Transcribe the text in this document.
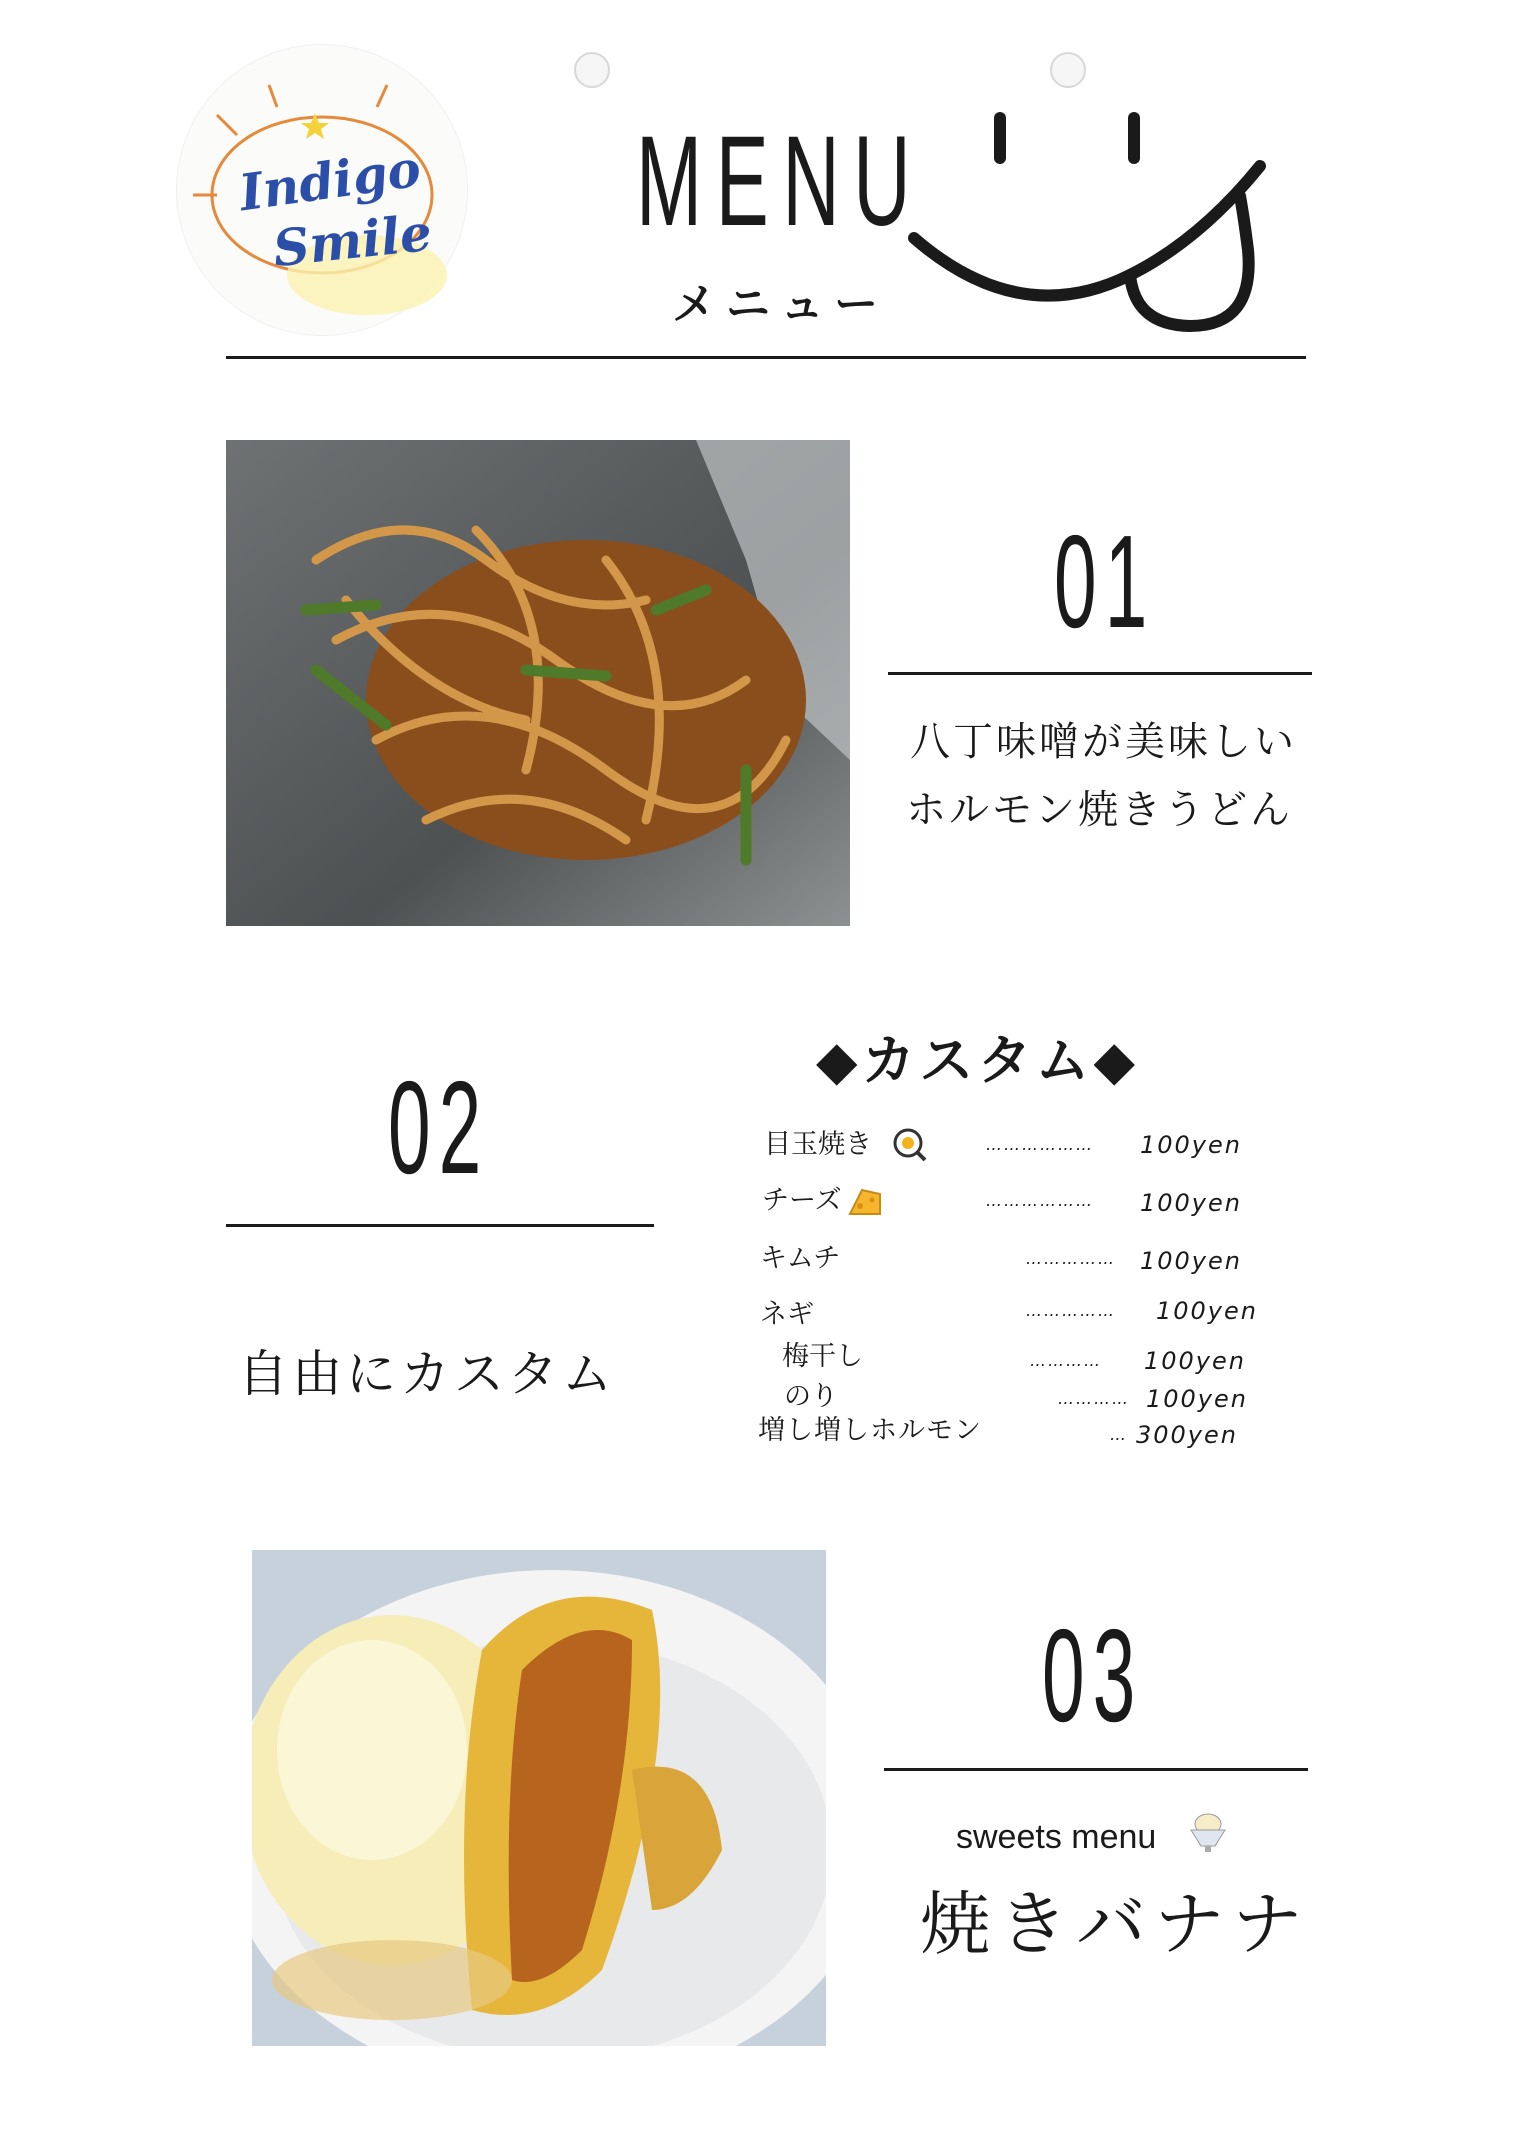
Indigo
Smile MENU
メニュー
01
八丁味噌が美味しい
ホルモン焼きうどん
02
自由にカスタム
◆カスタム◆
目玉焼き	……………… 100yen
チーズ	……………… 100yen
キムチ	…………… 100yen
ネギ	…………… 100yen
梅干し	………… 100yen
のり	………… 100yen
増し増しホルモン	… 300yen
03
sweets menu
焼きバナナ
